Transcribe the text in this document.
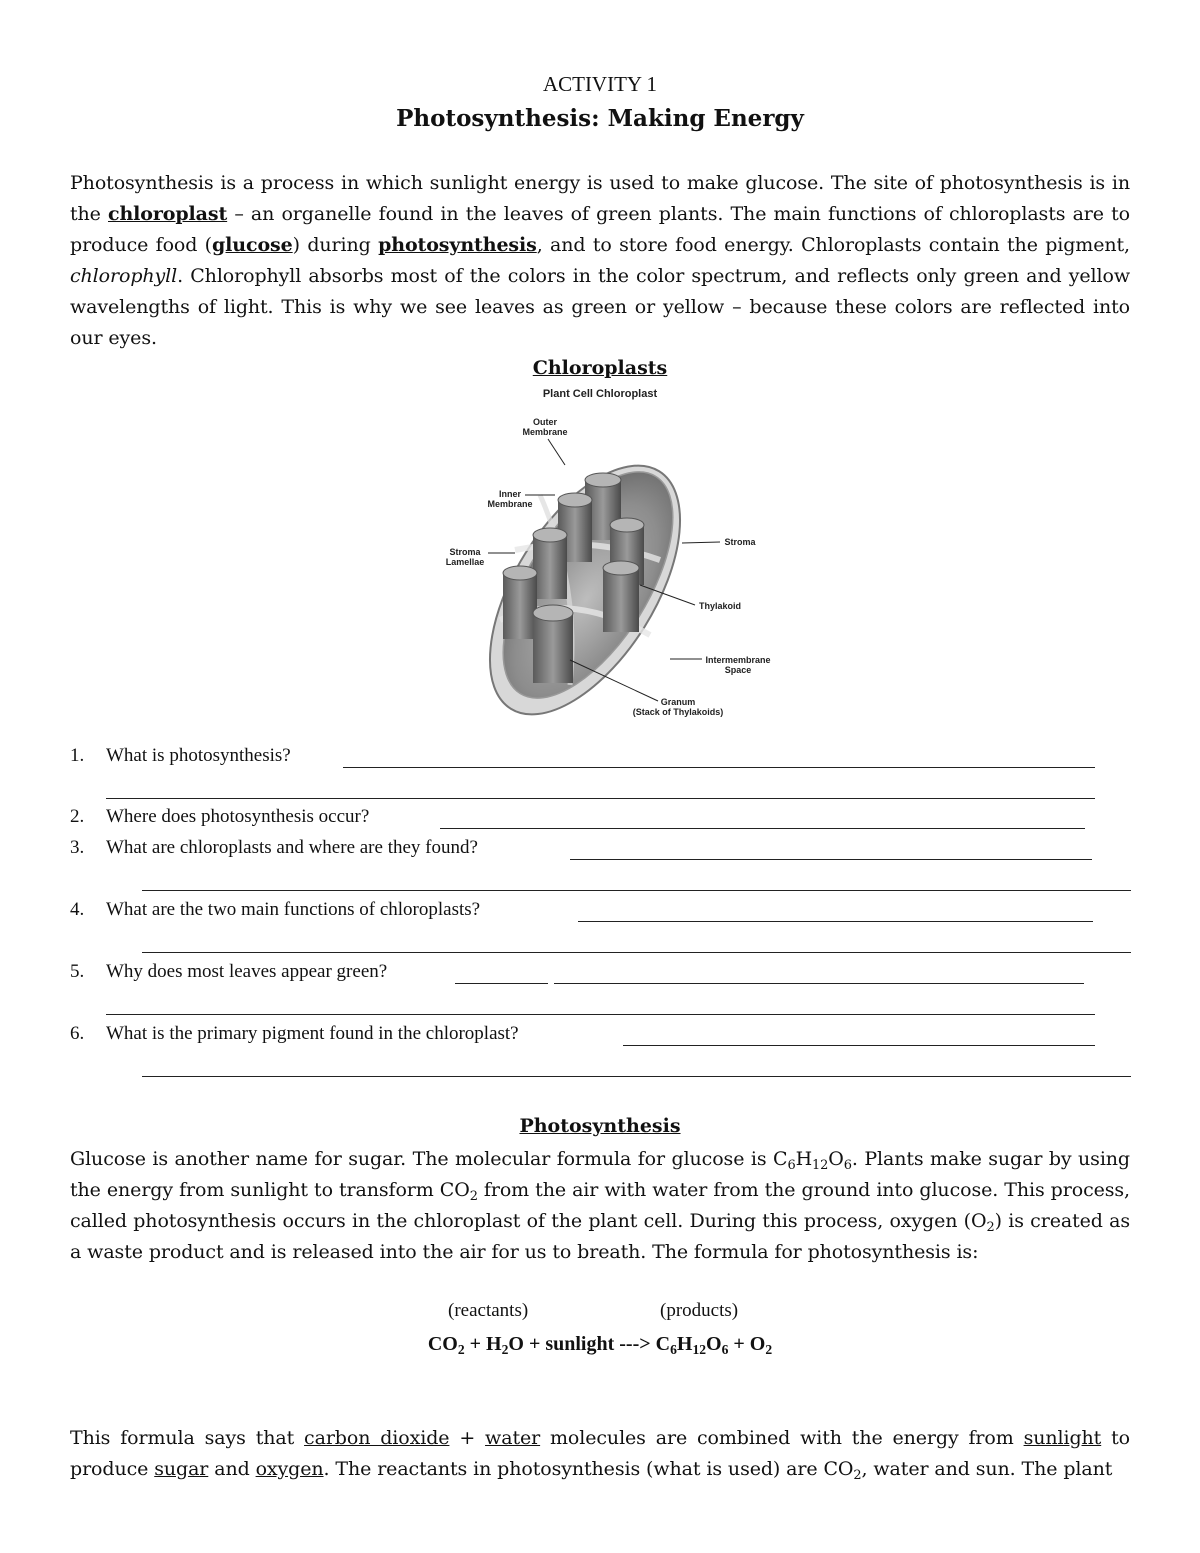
ACTIVITY 1
Photosynthesis: Making Energy
Photosynthesis is a process in which sunlight energy is used to make glucose. The site of photosynthesis is in the chloroplast – an organelle found in the leaves of green plants. The main functions of chloroplasts are to produce food (glucose) during photosynthesis, and to store food energy. Chloroplasts contain the pigment, chlorophyll. Chlorophyll absorbs most of the colors in the color spectrum, and reflects only green and yellow wavelengths of light. This is why we see leaves as green or yellow – because these colors are reflected into our eyes.
Chloroplasts
Plant Cell Chloroplast
Outer
Membrane
Inner
Membrane
Stroma
Lamellae
Stroma
Thylakoid
Intermembrane
Space
Granum
(Stack of Thylakoids)
1. What is photosynthesis?
2. Where does photosynthesis occur?
3. What are chloroplasts and where are they found?
4. What are the two main functions of chloroplasts?
5. Why does most leaves appear green?
6. What is the primary pigment found in the chloroplast?
Photosynthesis
Glucose is another name for sugar. The molecular formula for glucose is $C_6H_{12}O_6$. Plants make sugar by using the energy from sunlight to transform $CO_2$ from the air with water from the ground into glucose. This process, called photosynthesis occurs in the chloroplast of the plant cell. During this process, oxygen $(O_2)$ is created as a waste product and is released into the air for us to breath. The formula for photosynthesis is:
(reactants)	(products)
$CO_2 + H_2O$ + sunlight ---> $C_6H_{12}O_6 + O_2$
This formula says that carbon dioxide + water molecules are combined with the energy from sunlight to produce sugar and oxygen. The reactants in photosynthesis (what is used) are $CO_2$, water and sun. The plant
